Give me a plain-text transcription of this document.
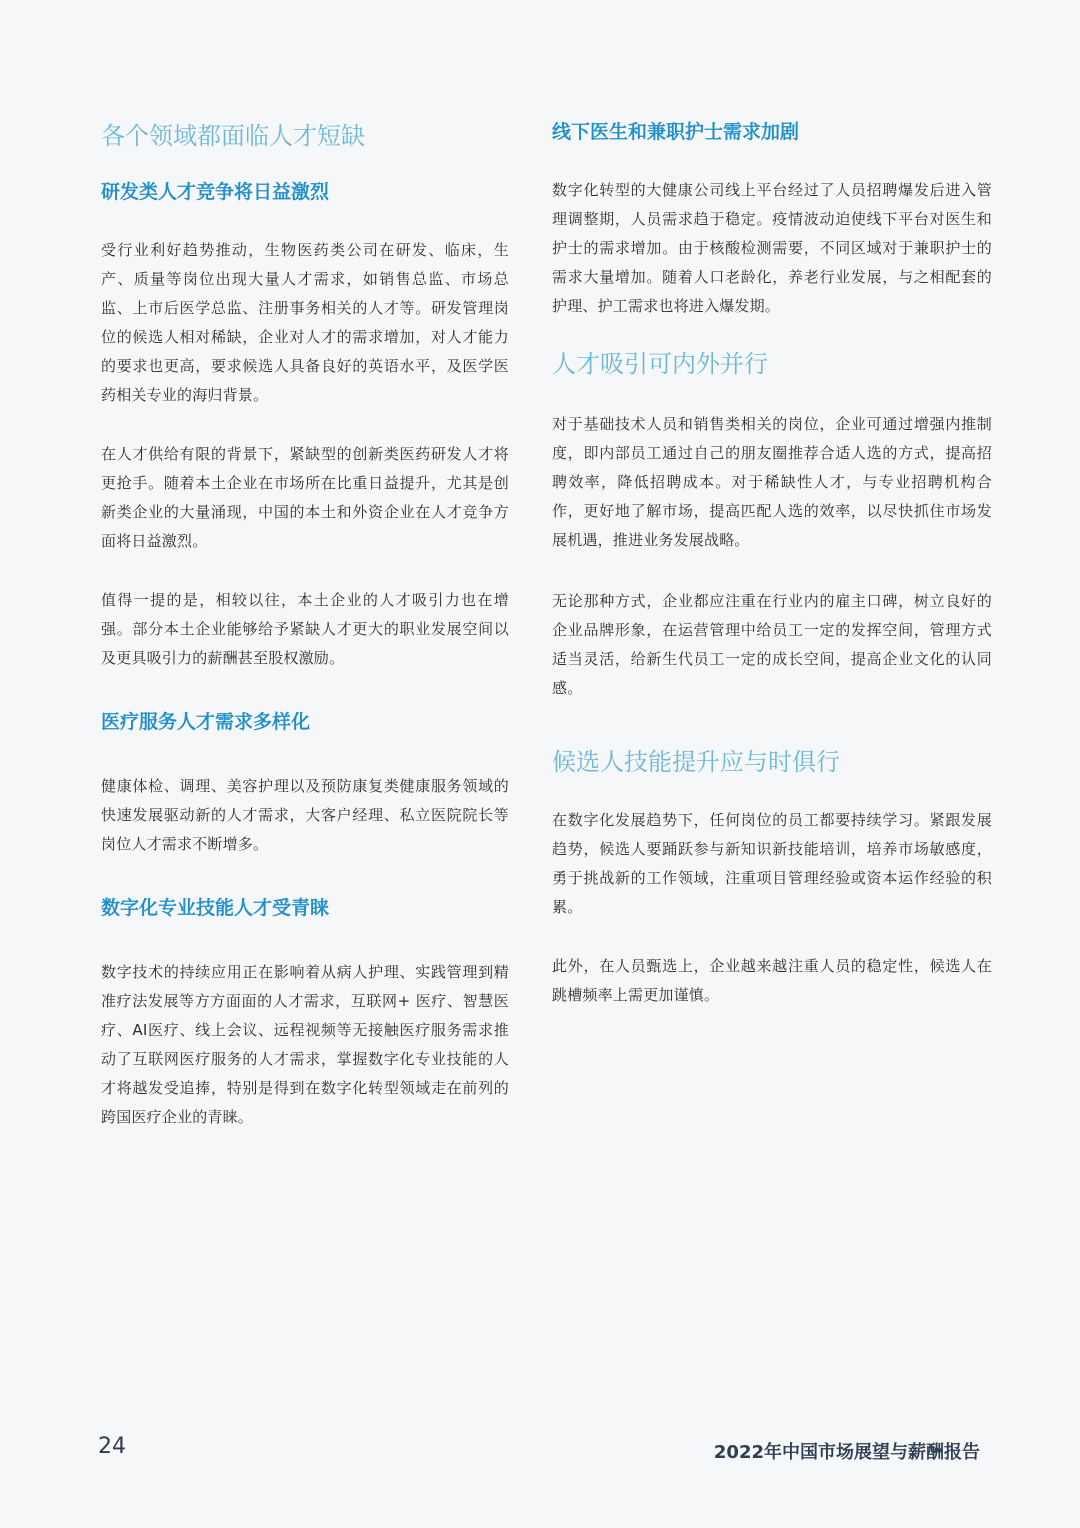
各个领域都面临人才短缺
研发类人才竞争将日益激烈

受行业利好趋势推动，生物医药类公司在研发、临床，生产、质量等岗位出现大量人才需求，如销售总监、市场总监、上市后医学总监、注册事务相关的人才等。研发管理岗位的候选人相对稀缺，企业对人才的需求增加，对人才能力的要求也更高，要求候选人具备良好的英语水平，及医学医药相关专业的海归背景。

在人才供给有限的背景下，紧缺型的创新类医药研发人才将更抢手。随着本土企业在市场所在比重日益提升，尤其是创新类企业的大量涌现，中国的本土和外资企业在人才竞争方面将日益激烈。

值得一提的是，相较以往，本土企业的人才吸引力也在增强。部分本土企业能够给予紧缺人才更大的职业发展空间以及更具吸引力的薪酬甚至股权激励。

医疗服务人才需求多样化

健康体检、调理、美容护理以及预防康复类健康服务领域的快速发展驱动新的人才需求，大客户经理、私立医院院长等岗位人才需求不断增多。

数字化专业技能人才受青睐

数字技术的持续应用正在影响着从病人护理、实践管理到精准疗法发展等方方面面的人才需求，互联网+ 医疗、智慧医疗、AI医疗、线上会议、远程视频等无接触医疗服务需求推动了互联网医疗服务的人才需求，掌握数字化专业技能的人才将越发受追捧，特别是得到在数字化转型领域走在前列的跨国医疗企业的青睐。

线下医生和兼职护士需求加剧

数字化转型的大健康公司线上平台经过了人员招聘爆发后进入管理调整期，人员需求趋于稳定。疫情波动迫使线下平台对医生和护士的需求增加。由于核酸检测需要，不同区域对于兼职护士的需求大量增加。随着人口老龄化，养老行业发展，与之相配套的护理、护工需求也将进入爆发期。

人才吸引可内外并行

对于基础技术人员和销售类相关的岗位，企业可通过增强内推制度，即内部员工通过自己的朋友圈推荐合适人选的方式，提高招聘效率，降低招聘成本。对于稀缺性人才，与专业招聘机构合作，更好地了解市场，提高匹配人选的效率，以尽快抓住市场发展机遇，推进业务发展战略。

无论那种方式，企业都应注重在行业内的雇主口碑，树立良好的企业品牌形象，在运营管理中给员工一定的发挥空间，管理方式适当灵活，给新生代员工一定的成长空间，提高企业文化的认同感。

候选人技能提升应与时俱行

在数字化发展趋势下，任何岗位的员工都要持续学习。紧跟发展趋势，候选人要踊跃参与新知识新技能培训，培养市场敏感度，勇于挑战新的工作领域，注重项目管理经验或资本运作经验的积累。

此外，在人员甄选上，企业越来越注重人员的稳定性，候选人在跳槽频率上需更加谨慎。

24	2022年中国市场展望与薪酬报告
